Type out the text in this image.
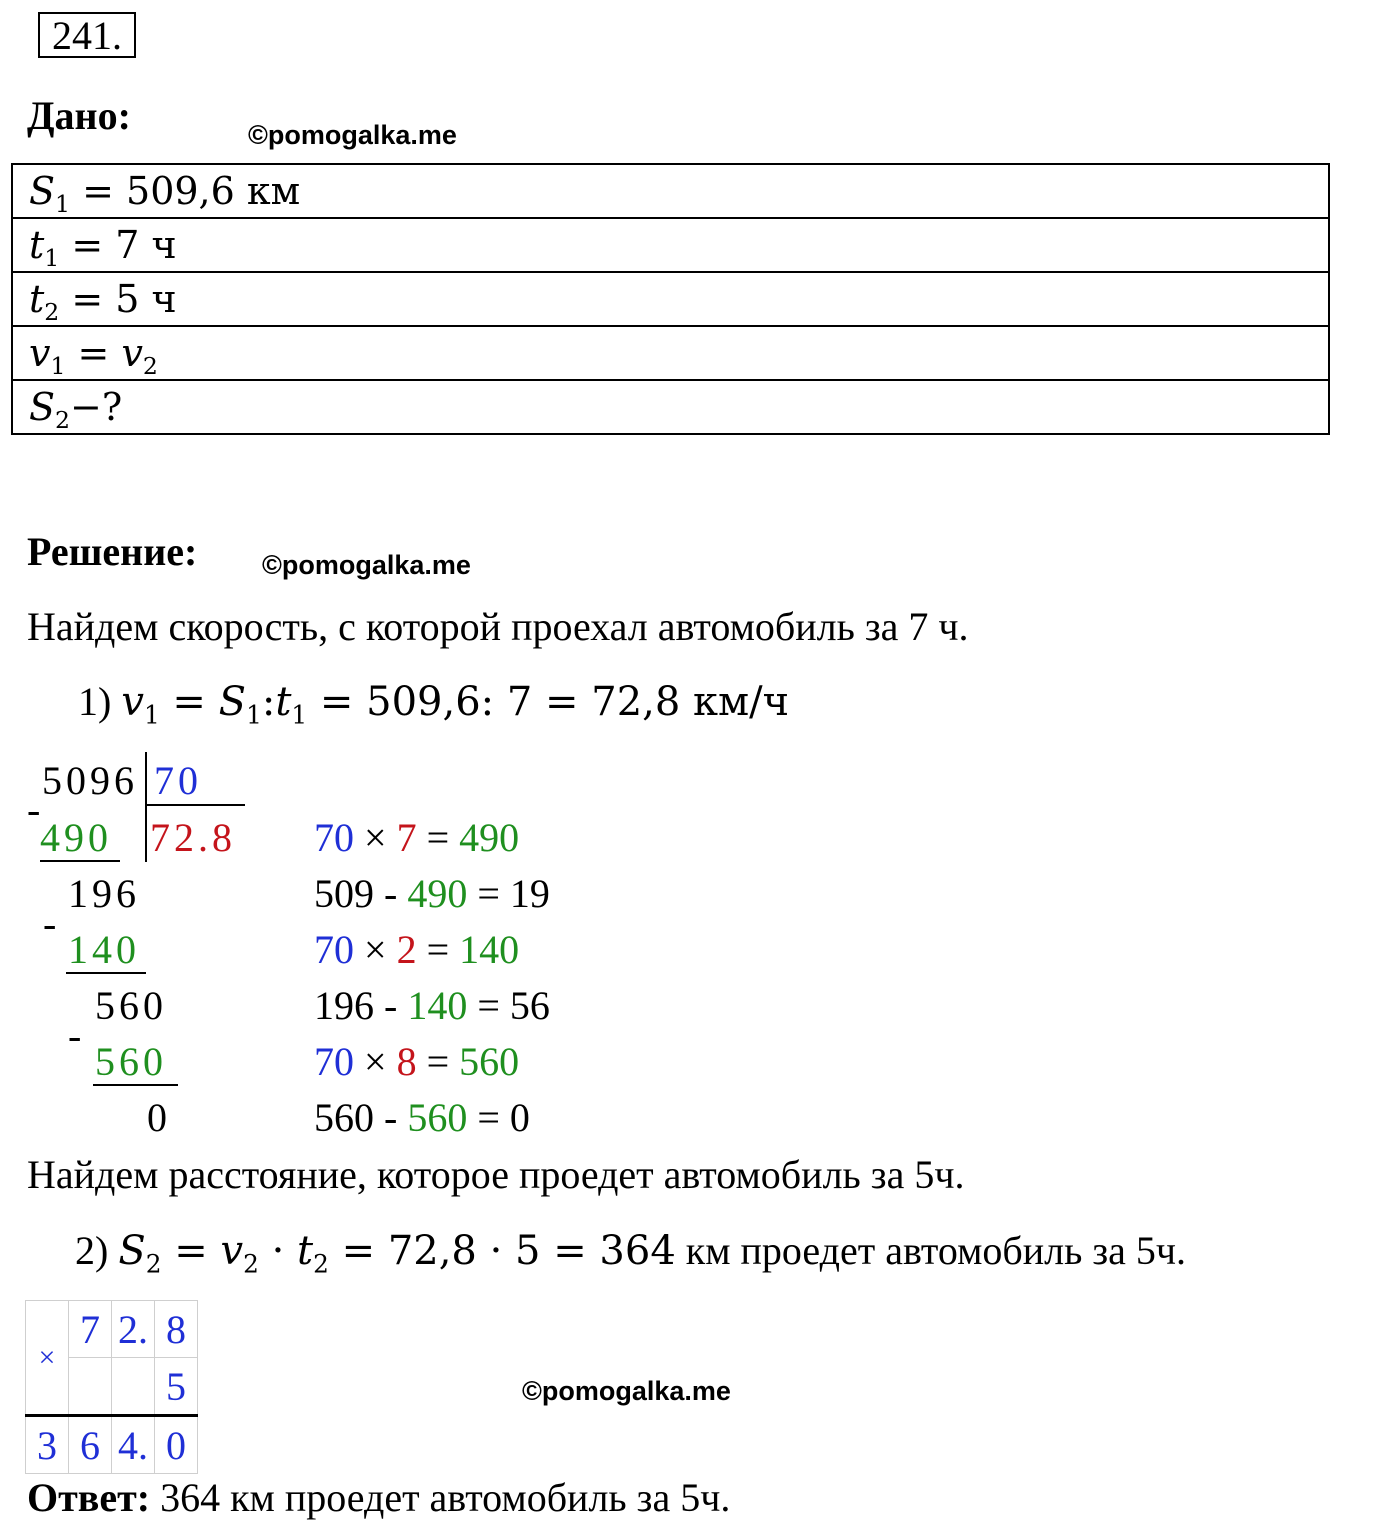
241.
Дано:	©pomogalka.me
$S_1 = 509,6$ км
$t_1 = 7$ ч
$t_2 = 5$ ч
$v_1 = v_2$
$S_2-$?
Решение: ©pomogalka.me
Найдем скорость, с которой проехал автомобиль за 7 ч.
1) $v_1$ = $S_1:t_1 = 509,6$: 7 = 72,8 км/ч
5096 70
72.8
-
490
196
-
140
560
-
560
0
70 × 7 = 490
509 - 490 = 19
70 × 2 = 140
196 - 140 = 56
70 × 8 = 560
560 - 560 = 0
Найдем расстояние, которое проедет автомобиль за 5ч.
2) $S_2 = v_2 \cdot t_2 = 72,8 \cdot 5 = 364$ км проедет автомобиль за 5ч.
×	7	2.	8
			5
3	6	4.	0
©pomogalka.me
Ответ: 364 км проедет автомобиль за 5ч.
